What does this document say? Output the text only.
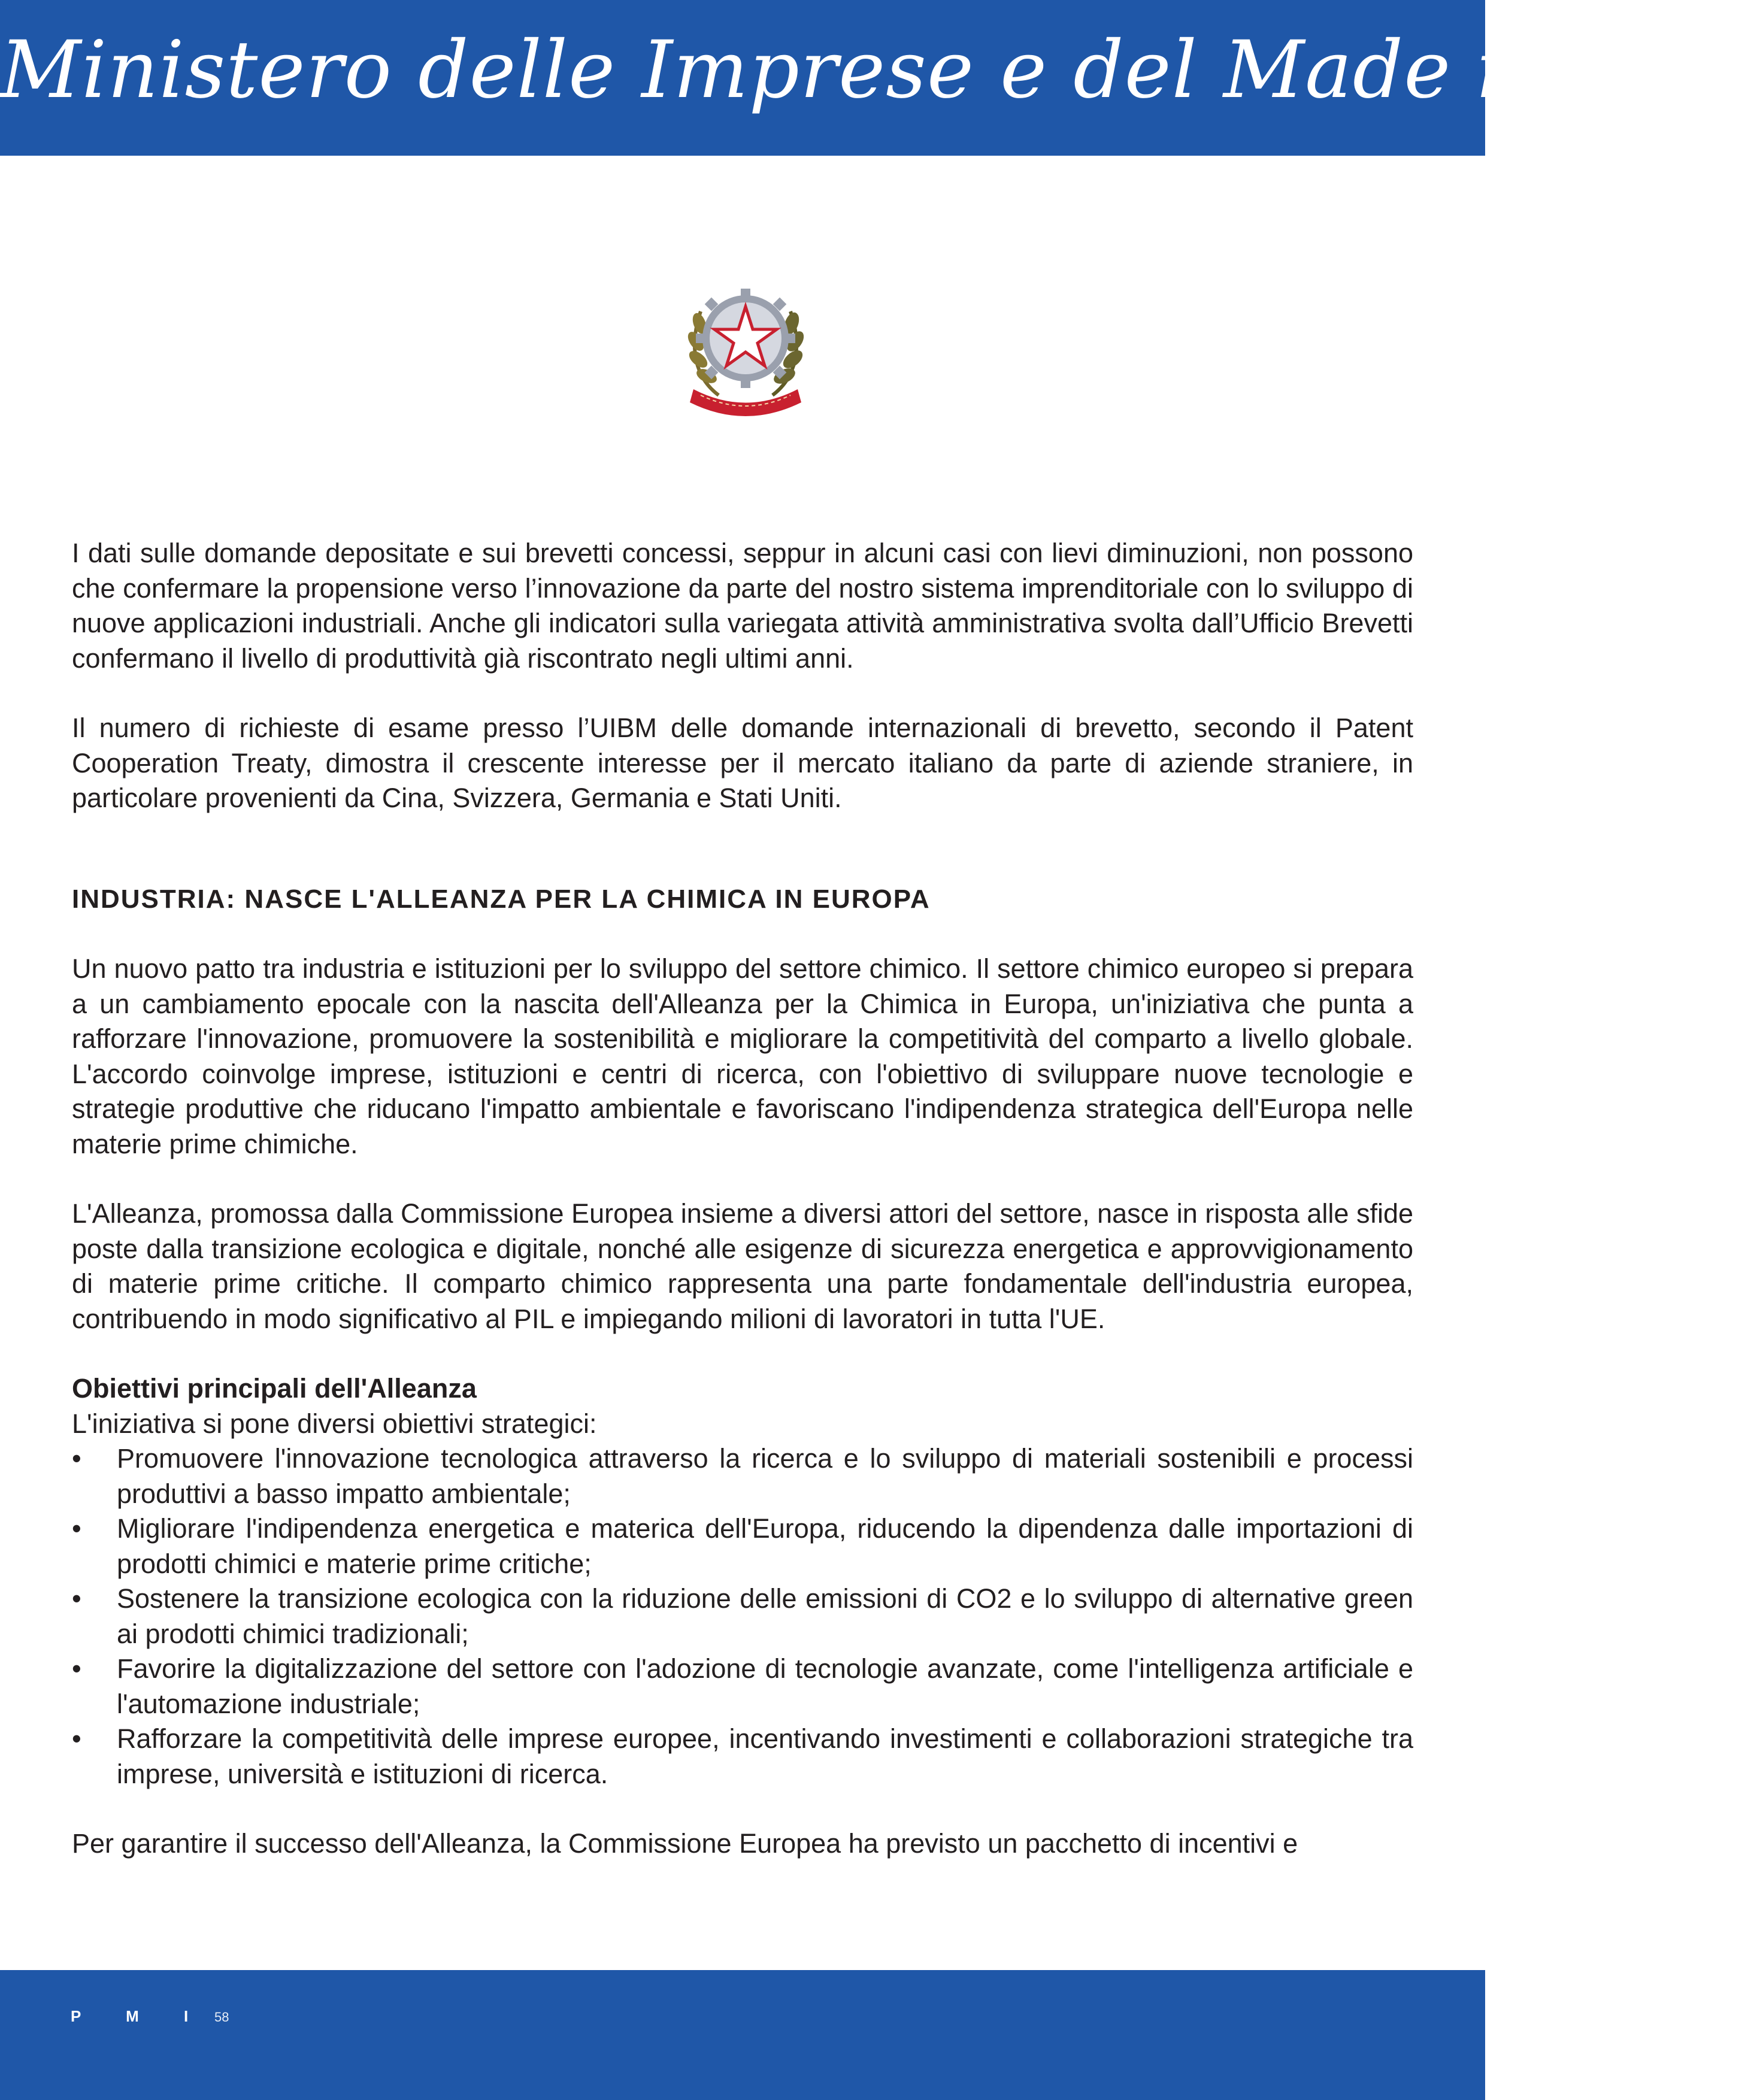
Ministero delle Imprese e del Made in Italy

I dati sulle domande depositate e sui brevetti concessi, seppur in alcuni casi con lievi diminuzioni, non possono che confermare la propensione verso l’innovazione da parte del nostro sistema imprenditoriale con lo sviluppo di nuove applicazioni industriali. Anche gli indicatori sulla variegata attività amministrativa svolta dall’Ufficio Brevetti confermano il livello di produttività già riscontrato negli ultimi anni.

Il numero di richieste di esame presso l’UIBM delle domande internazionali di brevetto, secondo il Patent Cooperation Treaty, dimostra il crescente interesse per il mercato italiano da parte di aziende straniere, in particolare provenienti da Cina, Svizzera, Germania e Stati Uniti.

INDUSTRIA: NASCE L'ALLEANZA PER LA CHIMICA IN EUROPA

Un nuovo patto tra industria e istituzioni per lo sviluppo del settore chimico. Il settore chimico europeo si prepara a un cambiamento epocale con la nascita dell'Alleanza per la Chimica in Europa, un'iniziativa che punta a rafforzare l'innovazione, promuovere la sostenibilità e migliorare la competitività del comparto a livello globale. L'accordo coinvolge imprese, istituzioni e centri di ricerca, con l'obiettivo di sviluppare nuove tecnologie e strategie produttive che riducano l'impatto ambientale e favoriscano l'indipendenza strategica dell'Europa nelle materie prime chimiche.

L'Alleanza, promossa dalla Commissione Europea insieme a diversi attori del settore, nasce in risposta alle sfide poste dalla transizione ecologica e digitale, nonché alle esigenze di sicurezza energetica e approvvigionamento di materie prime critiche. Il comparto chimico rappresenta una parte fondamentale dell'industria europea, contribuendo in modo significativo al PIL e impiegando milioni di lavoratori in tutta l'UE.

Obiettivi principali dell'Alleanza

L'iniziativa si pone diversi obiettivi strategici:

•	Promuovere l'innovazione tecnologica attraverso la ricerca e lo sviluppo di materiali sostenibili e processi produttivi a basso impatto ambientale;
•	Migliorare l'indipendenza energetica e materica dell'Europa, riducendo la dipendenza dalle importazioni di prodotti chimici e materie prime critiche;
•	Sostenere la transizione ecologica con la riduzione delle emissioni di CO2 e lo sviluppo di alternative green ai prodotti chimici tradizionali;
•	Favorire la digitalizzazione del settore con l'adozione di tecnologie avanzate, come l'intelligenza artificiale e l'automazione industriale;
•	Rafforzare la competitività delle imprese europee, incentivando investimenti e collaborazioni strategiche tra imprese, università e istituzioni di ricerca.

Per garantire il successo dell'Alleanza, la Commissione Europea ha previsto un pacchetto di incentivi e

P M I 58
